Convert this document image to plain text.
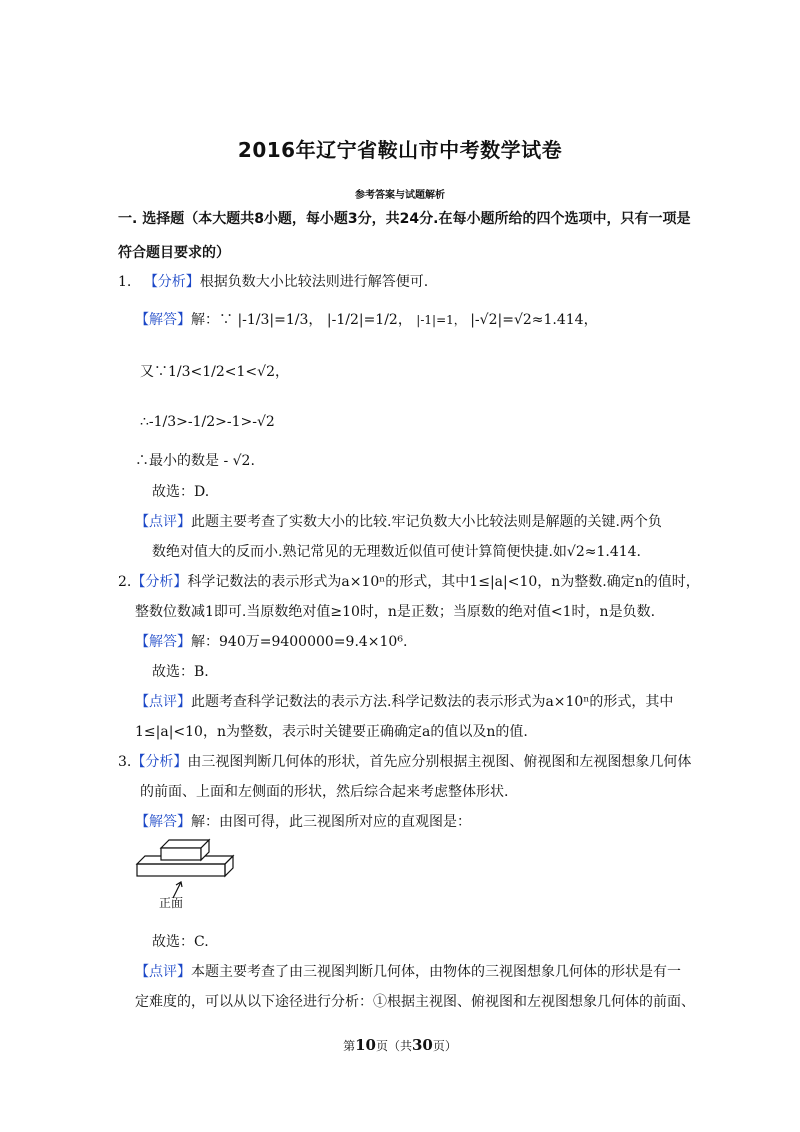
2016年辽宁省鞍山市中考数学试卷
参考答案与试题解析
一. 选择题（本大题共8小题，每小题3分，共24分.在每小题所给的四个选项中，只有一项是
符合题目要求的）
1. 【分析】根据负数大小比较法则进行解答便可.
【解答】解：∵ |-1/3|=1/3， |-1/2|=1/2， |-1|=1， |-√2|=√2≈1.414，
又∵1/3<1/2<1<√2，
∴-1/3>-1/2>-1>-√2
∴最小的数是 - √2.
故选：D.
【点评】此题主要考查了实数大小的比较.牢记负数大小比较法则是解题的关键.两个负
数绝对值大的反而小.熟记常见的无理数近似值可使计算简便快捷.如√2≈1.414.
2.【分析】科学记数法的表示形式为a×10ⁿ的形式，其中1≤|a|<10，n为整数.确定n的值时，
整数位数减1即可.当原数绝对值≥10时，n是正数；当原数的绝对值<1时，n是负数.
【解答】解：940万=9400000=9.4×10⁶.
故选：B.
【点评】此题考查科学记数法的表示方法.科学记数法的表示形式为a×10ⁿ的形式，其中
1≤|a|<10，n为整数，表示时关键要正确确定a的值以及n的值.
3.【分析】由三视图判断几何体的形状，首先应分别根据主视图、俯视图和左视图想象几何体
的前面、上面和左侧面的形状，然后综合起来考虑整体形状.
【解答】解：由图可得，此三视图所对应的直观图是：
正面
故选：C.
【点评】本题主要考查了由三视图判断几何体，由物体的三视图想象几何体的形状是有一
定难度的，可以从以下途径进行分析：①根据主视图、俯视图和左视图想象几何体的前面、
第10页（共30页）
